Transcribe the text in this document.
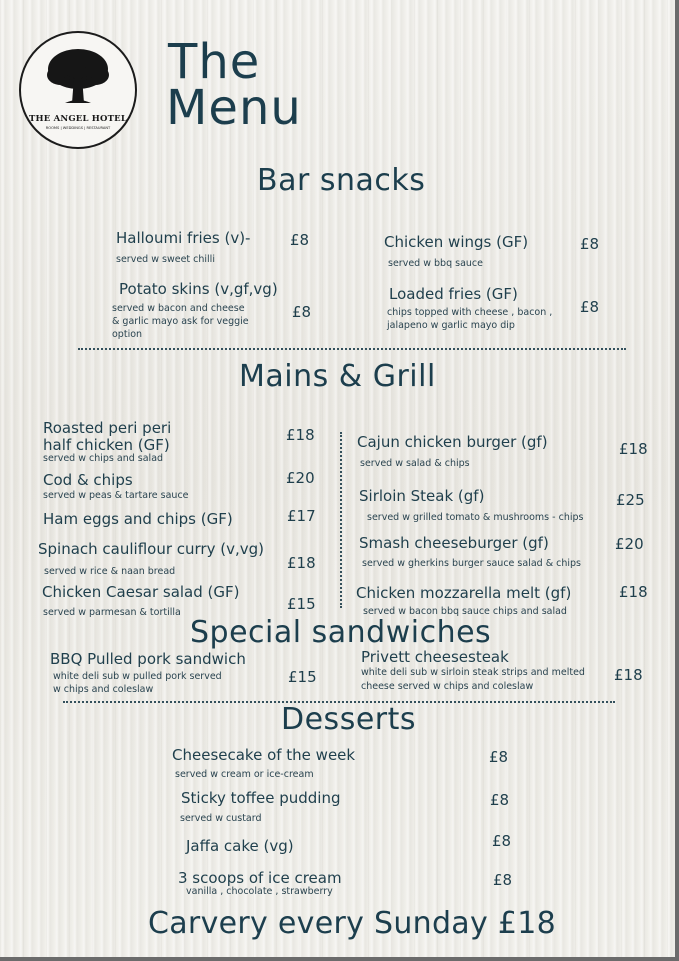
THE ANGEL HOTEL
ROOMS | WEDDINGS | RESTAURANT
The
Menu
Bar snacks
Halloumi fries (v)-
served w sweet chilli
£8
Potato skins (v,gf,vg)
served w bacon and cheese
& garlic mayo ask for veggie
option
£8
Chicken wings (GF)
served w bbq sauce
£8
Loaded fries (GF)
chips topped with cheese , bacon ,
jalapeno w garlic mayo dip
£8
Mains & Grill
Roasted peri peri
half chicken (GF)
served w chips and salad
£18
Cod & chips
served w peas & tartare sauce
£20
Ham eggs and chips (GF)	£17
Spinach cauliflour curry (v,vg)
served w rice & naan bread	£18
Chicken Caesar salad (GF)
served w parmesan & tortilla	£15
Cajun chicken burger (gf)
served w salad & chips
£18
Sirloin Steak (gf)
served w grilled tomato & mushrooms - chips
£25
Smash cheeseburger (gf)
served w gherkins burger sauce salad & chips
£20
Chicken mozzarella melt (gf)
served w bacon bbq sauce chips and salad
£18
Special sandwiches
BBQ Pulled pork sandwich
white deli sub w pulled pork served
w chips and coleslaw
£15
Privett cheesesteak
white deli sub w sirloin steak strips and melted
cheese served w chips and coleslaw
£18
Desserts
Cheesecake of the week
served w cream or ice-cream
£8
Sticky toffee pudding
served w custard
£8
Jaffa cake (vg)	£8
3 scoops of ice cream
vanilla , chocolate , strawberry
£8
Carvery every Sunday £18
